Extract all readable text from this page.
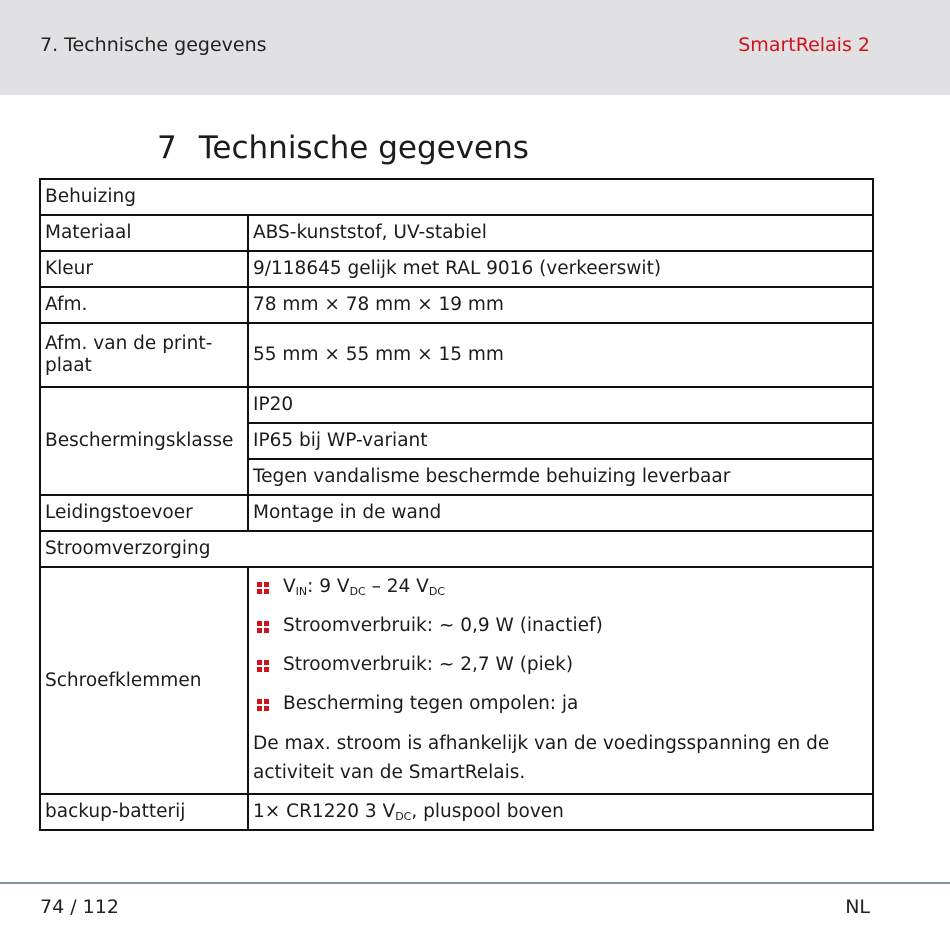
7. Technische gegevens	SmartRelais 2
7 Technische gegevens
Behuizing	
Materiaal	ABS-kunststof, UV-stabiel
Kleur	9/118645 gelijk met RAL 9016 (verkeerswit)
Afm.	78 mm × 78 mm × 19 mm
Afm. van de print-plaat	55 mm × 55 mm × 15 mm
Beschermingsklasse	IP20
	IP65 bij WP-variant
	Tegen vandalisme beschermde behuizing leverbaar
Leidingstoevoer	Montage in de wand
Stroomverzorging	
Schroefklemmen	$V_{IN}$: 9 $V_{DC} - 24$ $V_{DC}$
Stroomverbruik: ~ 0,9 W (inactief)
Stroomverbruik: ~ 2,7 W (piek)
Bescherming tegen ompolen: ja
De max. stroom is afhankelijk van de voedingsspanning en de activiteit van de SmartRelais.

backup-batterij	1× CR1220 3 $V_{DC}$, pluspool boven
74 / 112	NL
